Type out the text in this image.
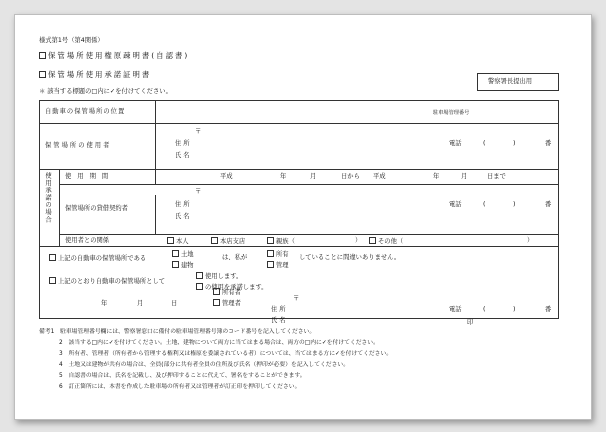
様式第1号（第4関係）
保管場所使用権原疎明書(自認書)
保管場所使用承諾証明書
＊ 該当する標題の□内に✓を付けてください。
警察署長提出用
自動車の保管場所の位置	駐車場管理番号
保管場所の使用者
〒
住 所
氏 名
電話	(	)	番
使用承諾の場合 使 用 期 間	平成	年	月	日から 平成	年	月	日まで
保管場所の貸借契約者
〒
住 所
氏 名
電話	(	)	番
使用者との関係	本人	本店支店	親族（	）	その他（	）
上記の自動車の保管場所である
土地
建物
は、私が	所有
管理
していることに間違いありません。
上記のとおり自動車の保管場所として
使用します。
の使用を承諾します。
年	月	日
所有者
管理者
〒
住 所
氏 名
電話	(	)	番
印
備考1　駐車場管理番号欄には、警察署窓口に備付の駐車場管理番号簿のコード番号を記入してください。
2　該当する□内に✓を付けてください。土地、建物について両方に当てはまる場合は、両方の□内に✓を付けてください。
3　所有者、管理者（所有者から管理する権利又は権原を委譲されている者）については、当てはまる方に✓を付けてください。
4　土地又は建物が共有の場合は、全員(部分に共有者全員の住所及び氏名（押印が必要）を記入してください。
5　自認書の場合は、氏名を記載し、及び押印することに代えて、署名をすることができます。
6　訂正箇所には、本書を作成した駐車場の所有者又は管理者が訂正印を押印してください。
